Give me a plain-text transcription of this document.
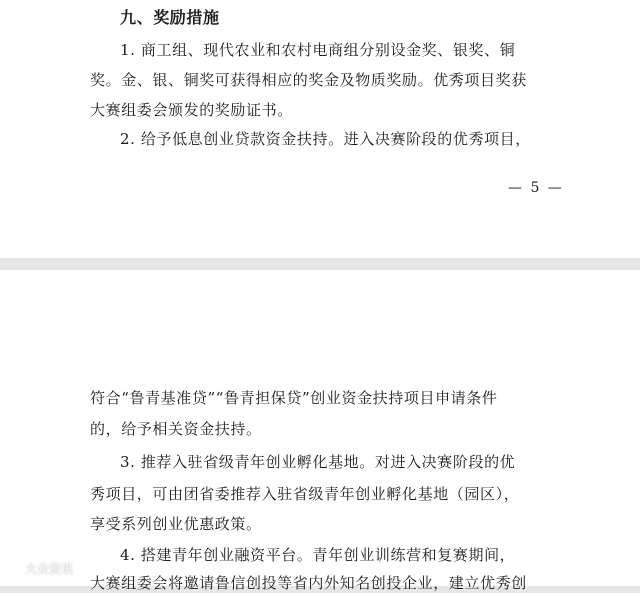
九、奖励措施
1. 商工组、现代农业和农村电商组分别设金奖、银奖、铜
奖。金、银、铜奖可获得相应的奖金及物质奖励。优秀项目奖获
大赛组委会颁发的奖励证书。
2. 给予低息创业贷款资金扶持。进入决赛阶段的优秀项目，
— 5 —
符合“鲁青基准贷”“鲁青担保贷”创业资金扶持项目申请条件
的，给予相关资金扶持。
3. 推荐入驻省级青年创业孵化基地。对进入决赛阶段的优
秀项目，可由团省委推荐入驻省级青年创业孵化基地（园区），
享受系列创业优惠政策。
4. 搭建青年创业融资平台。青年创业训练营和复赛期间，
大赛组委会将邀请鲁信创投等省内外知名创投企业，建立优秀创
大众资讯
